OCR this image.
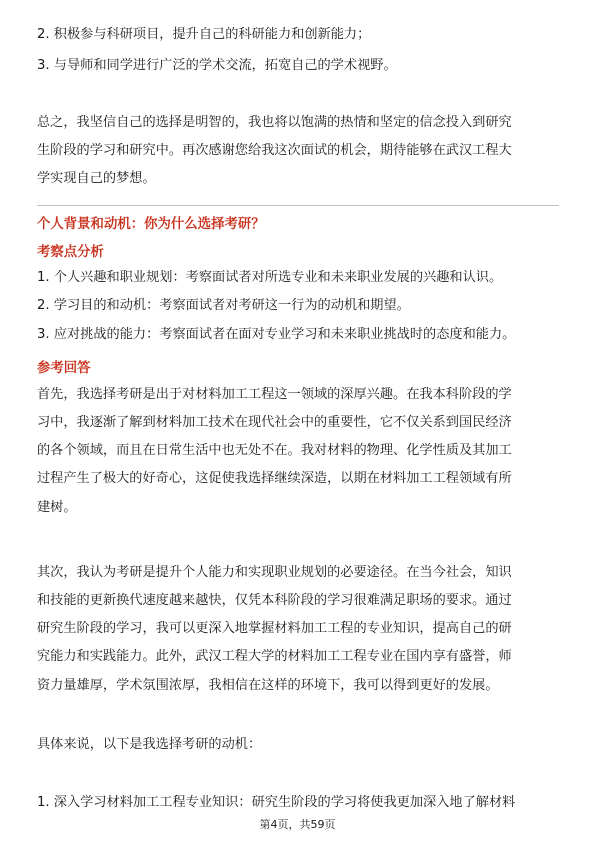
2. 积极参与科研项目，提升自己的科研能力和创新能力；
3. 与导师和同学进行广泛的学术交流，拓宽自己的学术视野。
总之，我坚信自己的选择是明智的，我也将以饱满的热情和坚定的信念投入到研究
生阶段的学习和研究中。再次感谢您给我这次面试的机会，期待能够在武汉工程大
学实现自己的梦想。
个人背景和动机：你为什么选择考研？
考察点分析
1. 个人兴趣和职业规划：考察面试者对所选专业和未来职业发展的兴趣和认识。
2. 学习目的和动机：考察面试者对考研这一行为的动机和期望。
3. 应对挑战的能力：考察面试者在面对专业学习和未来职业挑战时的态度和能力。
参考回答
首先，我选择考研是出于对材料加工工程这一领域的深厚兴趣。在我本科阶段的学
习中，我逐渐了解到材料加工技术在现代社会中的重要性，它不仅关系到国民经济
的各个领域，而且在日常生活中也无处不在。我对材料的物理、化学性质及其加工
过程产生了极大的好奇心，这促使我选择继续深造，以期在材料加工工程领域有所
建树。
其次，我认为考研是提升个人能力和实现职业规划的必要途径。在当今社会，知识
和技能的更新换代速度越来越快，仅凭本科阶段的学习很难满足职场的要求。通过
研究生阶段的学习，我可以更深入地掌握材料加工工程的专业知识，提高自己的研
究能力和实践能力。此外，武汉工程大学的材料加工工程专业在国内享有盛誉，师
资力量雄厚，学术氛围浓厚，我相信在这样的环境下，我可以得到更好的发展。
具体来说，以下是我选择考研的动机：
1. 深入学习材料加工工程专业知识：研究生阶段的学习将使我更加深入地了解材料
第4页，共59页
